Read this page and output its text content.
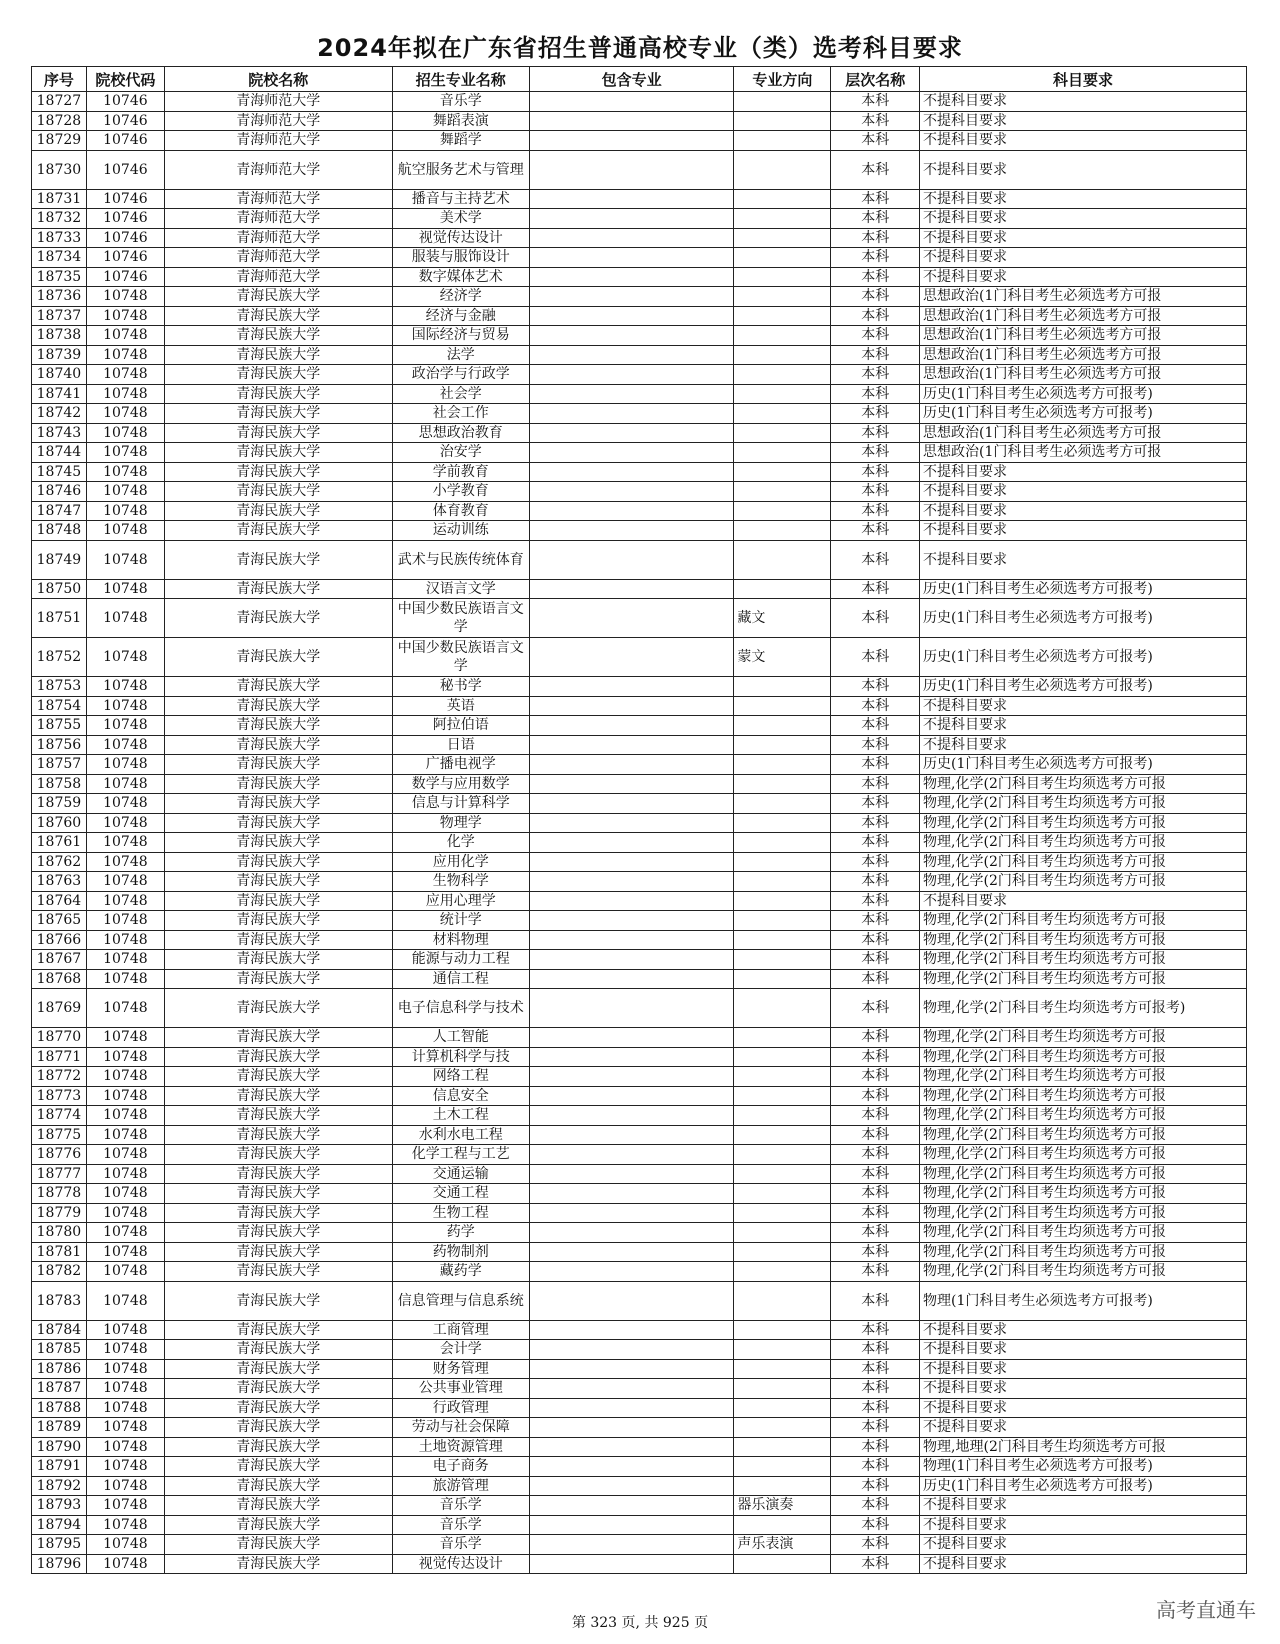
2024年拟在广东省招生普通高校专业（类）选考科目要求
序号	院校代码	院校名称	招生专业名称	包含专业	专业方向	层次名称	科目要求
18727	10746	青海师范大学	音乐学			本科	不提科目要求
18728	10746	青海师范大学	舞蹈表演			本科	不提科目要求
18729	10746	青海师范大学	舞蹈学			本科	不提科目要求
18730	10746	青海师范大学	航空服务艺术与管理			本科	不提科目要求
18731	10746	青海师范大学	播音与主持艺术			本科	不提科目要求
18732	10746	青海师范大学	美术学			本科	不提科目要求
18733	10746	青海师范大学	视觉传达设计			本科	不提科目要求
18734	10746	青海师范大学	服装与服饰设计			本科	不提科目要求
18735	10746	青海师范大学	数字媒体艺术			本科	不提科目要求
18736	10748	青海民族大学	经济学			本科	思想政治(1门科目考生必须选考方可报
18737	10748	青海民族大学	经济与金融			本科	思想政治(1门科目考生必须选考方可报
18738	10748	青海民族大学	国际经济与贸易			本科	思想政治(1门科目考生必须选考方可报
18739	10748	青海民族大学	法学			本科	思想政治(1门科目考生必须选考方可报
18740	10748	青海民族大学	政治学与行政学			本科	思想政治(1门科目考生必须选考方可报
18741	10748	青海民族大学	社会学			本科	历史(1门科目考生必须选考方可报考)
18742	10748	青海民族大学	社会工作			本科	历史(1门科目考生必须选考方可报考)
18743	10748	青海民族大学	思想政治教育			本科	思想政治(1门科目考生必须选考方可报
18744	10748	青海民族大学	治安学			本科	思想政治(1门科目考生必须选考方可报
18745	10748	青海民族大学	学前教育			本科	不提科目要求
18746	10748	青海民族大学	小学教育			本科	不提科目要求
18747	10748	青海民族大学	体育教育			本科	不提科目要求
18748	10748	青海民族大学	运动训练			本科	不提科目要求
18749	10748	青海民族大学	武术与民族传统体育			本科	不提科目要求
18750	10748	青海民族大学	汉语言文学			本科	历史(1门科目考生必须选考方可报考)
18751	10748	青海民族大学	中国少数民族语言文学		藏文	本科	历史(1门科目考生必须选考方可报考)
18752	10748	青海民族大学	中国少数民族语言文学		蒙文	本科	历史(1门科目考生必须选考方可报考)
18753	10748	青海民族大学	秘书学			本科	历史(1门科目考生必须选考方可报考)
18754	10748	青海民族大学	英语			本科	不提科目要求
18755	10748	青海民族大学	阿拉伯语			本科	不提科目要求
18756	10748	青海民族大学	日语			本科	不提科目要求
18757	10748	青海民族大学	广播电视学			本科	历史(1门科目考生必须选考方可报考)
18758	10748	青海民族大学	数学与应用数学			本科	物理,化学(2门科目考生均须选考方可报
18759	10748	青海民族大学	信息与计算科学			本科	物理,化学(2门科目考生均须选考方可报
18760	10748	青海民族大学	物理学			本科	物理,化学(2门科目考生均须选考方可报
18761	10748	青海民族大学	化学			本科	物理,化学(2门科目考生均须选考方可报
18762	10748	青海民族大学	应用化学			本科	物理,化学(2门科目考生均须选考方可报
18763	10748	青海民族大学	生物科学			本科	物理,化学(2门科目考生均须选考方可报
18764	10748	青海民族大学	应用心理学			本科	不提科目要求
18765	10748	青海民族大学	统计学			本科	物理,化学(2门科目考生均须选考方可报
18766	10748	青海民族大学	材料物理			本科	物理,化学(2门科目考生均须选考方可报
18767	10748	青海民族大学	能源与动力工程			本科	物理,化学(2门科目考生均须选考方可报
18768	10748	青海民族大学	通信工程			本科	物理,化学(2门科目考生均须选考方可报
18769	10748	青海民族大学	电子信息科学与技术			本科	物理,化学(2门科目考生均须选考方可报考)
18770	10748	青海民族大学	人工智能			本科	物理,化学(2门科目考生均须选考方可报
18771	10748	青海民族大学	计算机科学与技			本科	物理,化学(2门科目考生均须选考方可报
18772	10748	青海民族大学	网络工程			本科	物理,化学(2门科目考生均须选考方可报
18773	10748	青海民族大学	信息安全			本科	物理,化学(2门科目考生均须选考方可报
18774	10748	青海民族大学	土木工程			本科	物理,化学(2门科目考生均须选考方可报
18775	10748	青海民族大学	水利水电工程			本科	物理,化学(2门科目考生均须选考方可报
18776	10748	青海民族大学	化学工程与工艺			本科	物理,化学(2门科目考生均须选考方可报
18777	10748	青海民族大学	交通运输			本科	物理,化学(2门科目考生均须选考方可报
18778	10748	青海民族大学	交通工程			本科	物理,化学(2门科目考生均须选考方可报
18779	10748	青海民族大学	生物工程			本科	物理,化学(2门科目考生均须选考方可报
18780	10748	青海民族大学	药学			本科	物理,化学(2门科目考生均须选考方可报
18781	10748	青海民族大学	药物制剂			本科	物理,化学(2门科目考生均须选考方可报
18782	10748	青海民族大学	藏药学			本科	物理,化学(2门科目考生均须选考方可报
18783	10748	青海民族大学	信息管理与信息系统			本科	物理(1门科目考生必须选考方可报考)
18784	10748	青海民族大学	工商管理			本科	不提科目要求
18785	10748	青海民族大学	会计学			本科	不提科目要求
18786	10748	青海民族大学	财务管理			本科	不提科目要求
18787	10748	青海民族大学	公共事业管理			本科	不提科目要求
18788	10748	青海民族大学	行政管理			本科	不提科目要求
18789	10748	青海民族大学	劳动与社会保障			本科	不提科目要求
18790	10748	青海民族大学	土地资源管理			本科	物理,地理(2门科目考生均须选考方可报
18791	10748	青海民族大学	电子商务			本科	物理(1门科目考生必须选考方可报考)
18792	10748	青海民族大学	旅游管理			本科	历史(1门科目考生必须选考方可报考)
18793	10748	青海民族大学	音乐学		器乐演奏	本科	不提科目要求
18794	10748	青海民族大学	音乐学			本科	不提科目要求
18795	10748	青海民族大学	音乐学		声乐表演	本科	不提科目要求
18796	10748	青海民族大学	视觉传达设计			本科	不提科目要求
第 323 页, 共 925 页
高考直通车
